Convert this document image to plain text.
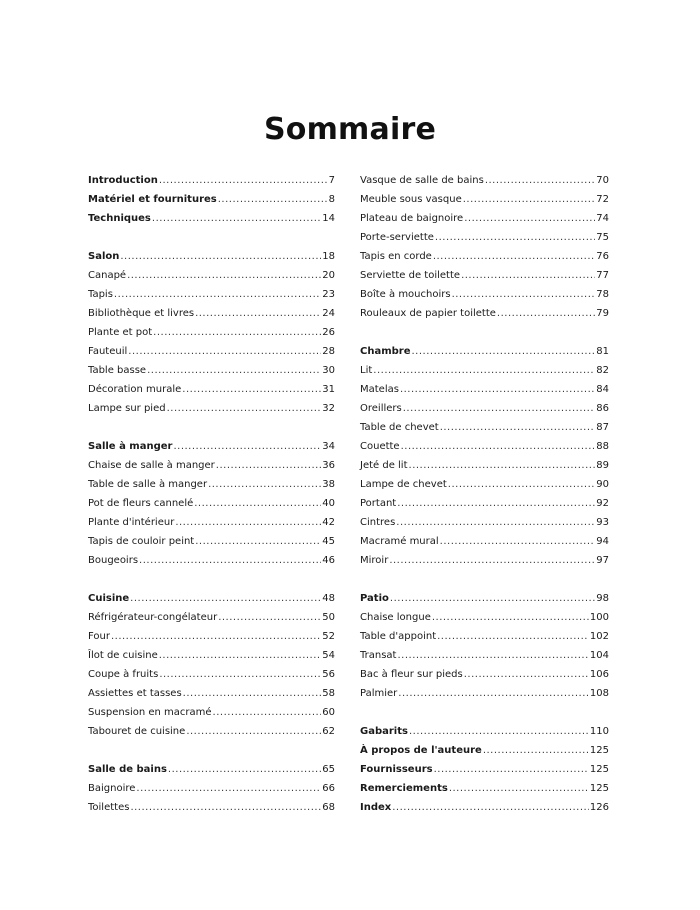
Sommaire
Introduction .....	7
Matériel et fournitures .....	8
Techniques .....	14
Salon .....	18
Canapé .....	20
Tapis .....	23
Bibliothèque et livres .....	24
Plante et pot .....	26
Fauteuil .....	28
Table basse .....	30
Décoration murale .....	31
Lampe sur pied .....	32
Salle à manger .....	34
Chaise de salle à manger .....	36
Table de salle à manger .....	38
Pot de fleurs cannelé .....	40
Plante d'intérieur .....	42
Tapis de couloir peint .....	45
Bougeoirs .....	46
Cuisine .....	48
Réfrigérateur-congélateur .....	50
Four .....	52
Îlot de cuisine .....	54
Coupe à fruits .....	56
Assiettes et tasses .....	58
Suspension en macramé .....	60
Tabouret de cuisine .....	62
Salle de bains .....	65
Baignoire .....	66
Toilettes .....	68
Vasque de salle de bains .....	70
Meuble sous vasque .....	72
Plateau de baignoire .....	74
Porte-serviette .....	75
Tapis en corde .....	76
Serviette de toilette .....	77
Boîte à mouchoirs .....	78
Rouleaux de papier toilette .....	79
Chambre .....	81
Lit .....	82
Matelas .....	84
Oreillers .....	86
Table de chevet .....	87
Couette .....	88
Jeté de lit .....	89
Lampe de chevet .....	90
Portant .....	92
Cintres .....	93
Macramé mural .....	94
Miroir .....	97
Patio .....	98
Chaise longue .....	100
Table d'appoint .....	102
Transat .....	104
Bac à fleur sur pieds .....	106
Palmier .....	108
Gabarits .....	110
À propos de l'auteure .....	125
Fournisseurs .....	125
Remerciements .....	125
Index .....	126
